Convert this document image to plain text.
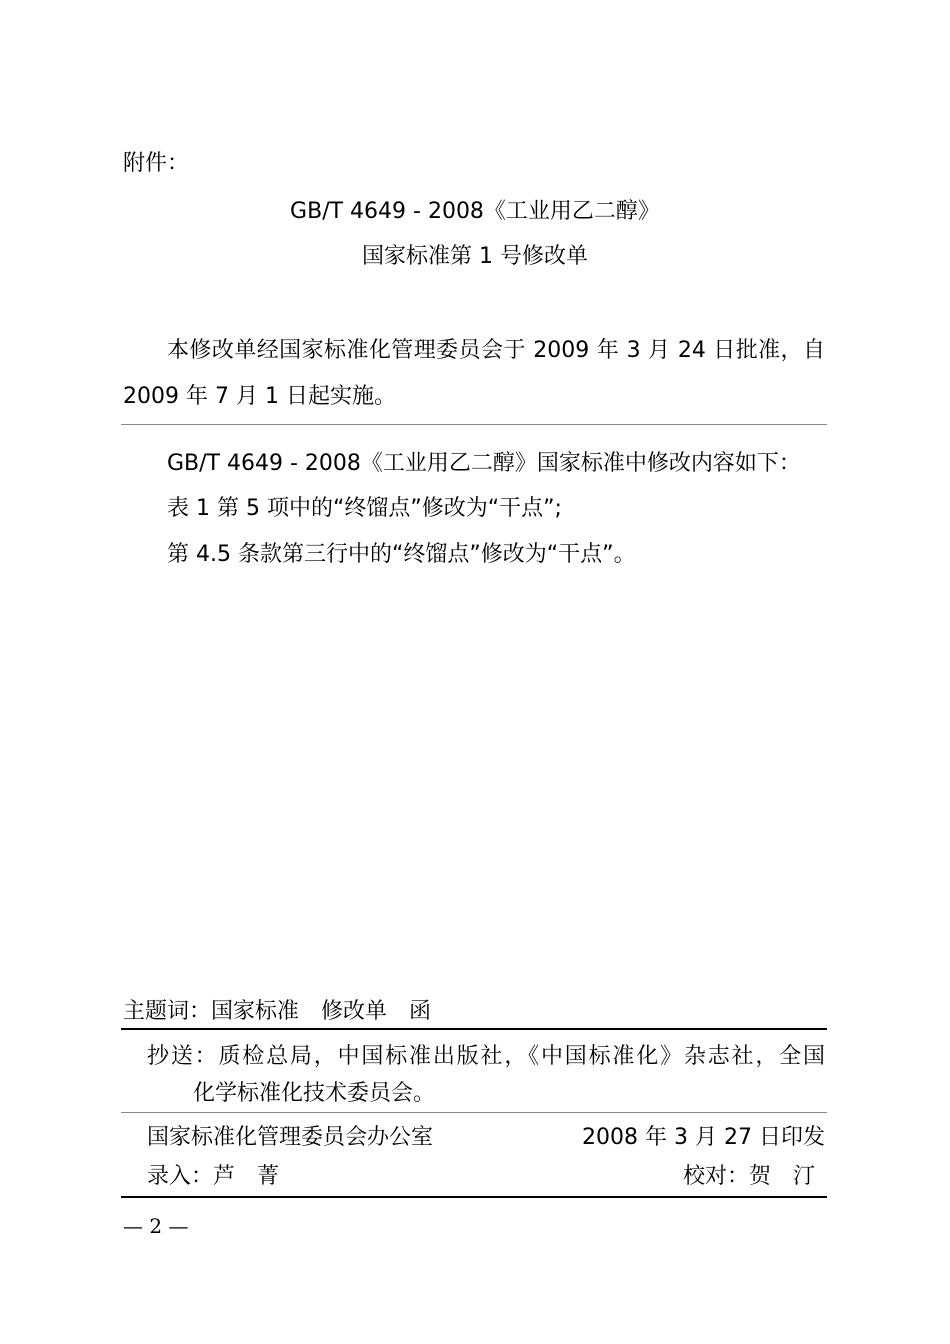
附件：
GB/T 4649 - 2008《工业用乙二醇》
国家标准第 1 号修改单
本修改单经国家标准化管理委员会于 2009 年 3 月 24 日批准，自
2009 年 7 月 1 日起实施。
GB/T 4649 - 2008《工业用乙二醇》国家标准中修改内容如下：
表 1 第 5 项中的“终馏点”修改为“干点”;
第 4.5 条款第三行中的“终馏点”修改为“干点”。
主题词：国家标准　修改单　函
抄送：质检总局，中国标准出版社，《中国标准化》杂志社，全国
化学标准化技术委员会。
国家标准化管理委员会办公室	2008 年 3 月 27 日印发
录入：芦　菁	校对：贺　汀
— 2 —
